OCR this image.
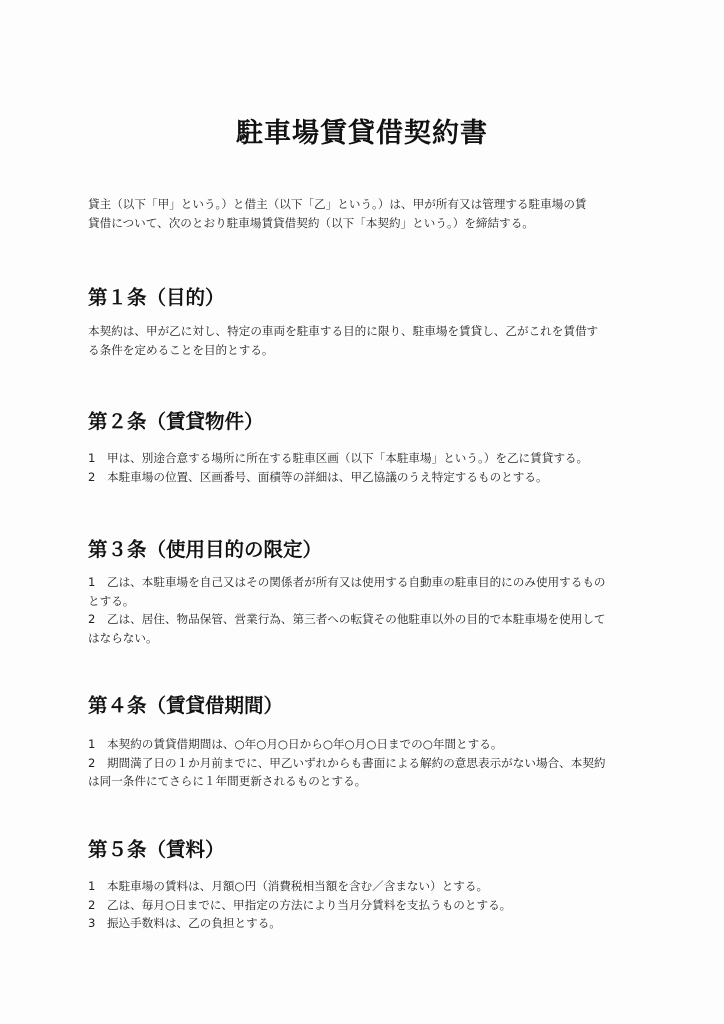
駐車場賃貸借契約書
貸主（以下「甲」という。）と借主（以下「乙」という。）は、甲が所有又は管理する駐車場の賃
貸借について、次のとおり駐車場賃貸借契約（以下「本契約」という。）を締結する。
第１条（目的）
本契約は、甲が乙に対し、特定の車両を駐車する目的に限り、駐車場を賃貸し、乙がこれを賃借す
る条件を定めることを目的とする。
第２条（賃貸物件）
1　甲は、別途合意する場所に所在する駐車区画（以下「本駐車場」という。）を乙に賃貸する。
2　本駐車場の位置、区画番号、面積等の詳細は、甲乙協議のうえ特定するものとする。
第３条（使用目的の限定）
1　乙は、本駐車場を自己又はその関係者が所有又は使用する自動車の駐車目的にのみ使用するもの
とする。
2　乙は、居住、物品保管、営業行為、第三者への転貸その他駐車以外の目的で本駐車場を使用して
はならない。
第４条（賃貸借期間）
1　本契約の賃貸借期間は、○年○月○日から○年○月○日までの○年間とする。
2　期間満了日の１か月前までに、甲乙いずれからも書面による解約の意思表示がない場合、本契約
は同一条件にてさらに１年間更新されるものとする。
第５条（賃料）
1　本駐車場の賃料は、月額○円（消費税相当額を含む／含まない）とする。
2　乙は、毎月○日までに、甲指定の方法により当月分賃料を支払うものとする。
3　振込手数料は、乙の負担とする。
